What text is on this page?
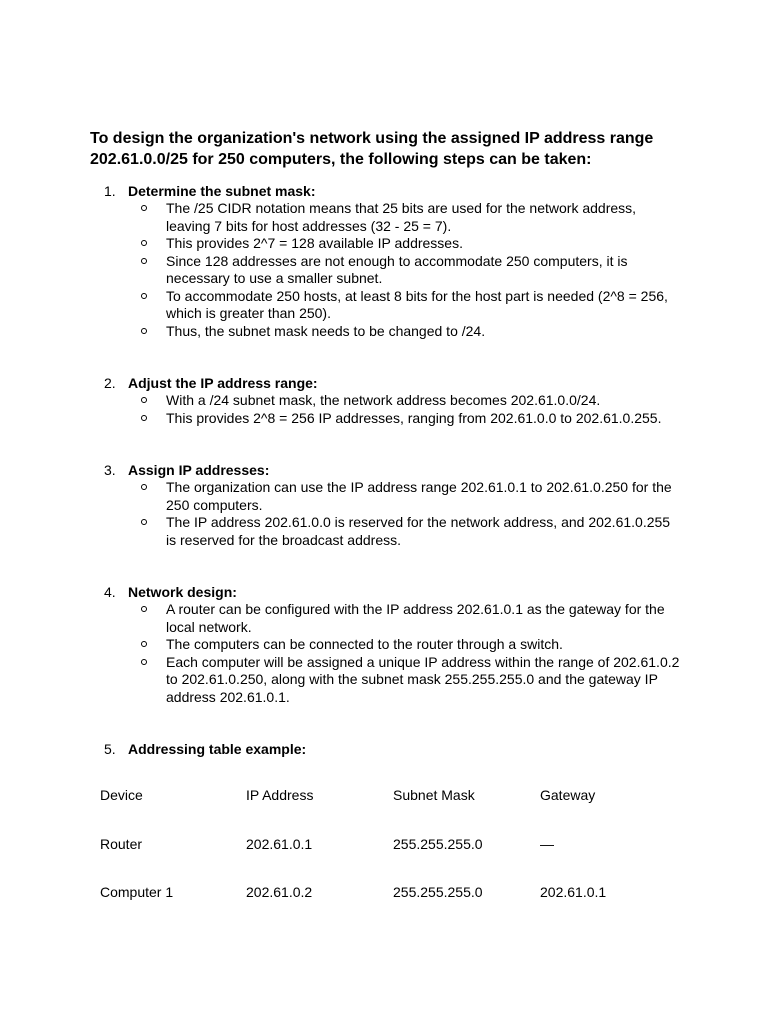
To design the organization's network using the assigned IP address range 202.61.0.0/25 for 250 computers, the following steps can be taken:
1. Determine the subnet mask:
The /25 CIDR notation means that 25 bits are used for the network address, leaving 7 bits for host addresses (32 - 25 = 7).
This provides 2^7 = 128 available IP addresses.
Since 128 addresses are not enough to accommodate 250 computers, it is necessary to use a smaller subnet.
To accommodate 250 hosts, at least 8 bits for the host part is needed (2^8 = 256, which is greater than 250).
Thus, the subnet mask needs to be changed to /24.
2. Adjust the IP address range:
With a /24 subnet mask, the network address becomes 202.61.0.0/24.
This provides 2^8 = 256 IP addresses, ranging from 202.61.0.0 to 202.61.0.255.
3. Assign IP addresses:
The organization can use the IP address range 202.61.0.1 to 202.61.0.250 for the 250 computers.
The IP address 202.61.0.0 is reserved for the network address, and 202.61.0.255 is reserved for the broadcast address.
4. Network design:
A router can be configured with the IP address 202.61.0.1 as the gateway for the local network.
The computers can be connected to the router through a switch.
Each computer will be assigned a unique IP address within the range of 202.61.0.2 to 202.61.0.250, along with the subnet mask 255.255.255.0 and the gateway IP address 202.61.0.1.
5. Addressing table example:
Device	IP Address	Subnet Mask	Gateway
Router	202.61.0.1	255.255.255.0	—
Computer 1	202.61.0.2	255.255.255.0	202.61.0.1
